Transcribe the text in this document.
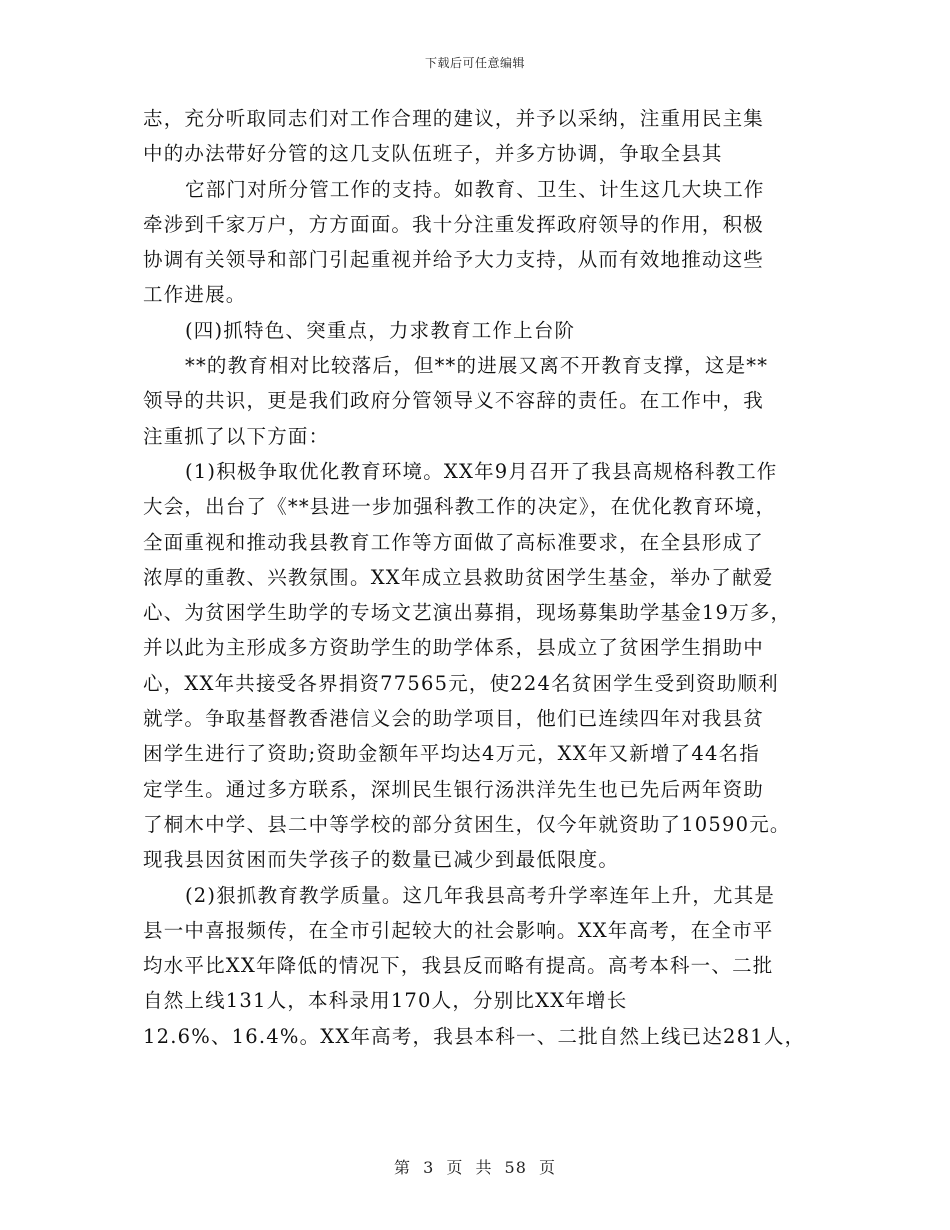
下载后可任意编辑
志，充分听取同志们对工作合理的建议，并予以采纳，注重用民主集
中的办法带好分管的这几支队伍班子，并多方协调，争取全县其
它部门对所分管工作的支持。如教育、卫生、计生这几大块工作
牵涉到千家万户，方方面面。我十分注重发挥政府领导的作用，积极
协调有关领导和部门引起重视并给予大力支持，从而有效地推动这些
工作进展。
(四)抓特色、突重点，力求教育工作上台阶
**的教育相对比较落后，但**的进展又离不开教育支撑，这是**
领导的共识，更是我们政府分管领导义不容辞的责任。在工作中，我
注重抓了以下方面：
(1)积极争取优化教育环境。XX年9月召开了我县高规格科教工作
大会，出台了《**县进一步加强科教工作的决定》，在优化教育环境，
全面重视和推动我县教育工作等方面做了高标准要求，在全县形成了
浓厚的重教、兴教氛围。XX年成立县救助贫困学生基金，举办了献爱
心、为贫困学生助学的专场文艺演出募捐，现场募集助学基金19万多，
并以此为主形成多方资助学生的助学体系，县成立了贫困学生捐助中
心，XX年共接受各界捐资77565元，使224名贫困学生受到资助顺利
就学。争取基督教香港信义会的助学项目，他们已连续四年对我县贫
困学生进行了资助;资助金额年平均达4万元，XX年又新增了44名指
定学生。通过多方联系，深圳民生银行汤洪洋先生也已先后两年资助
了桐木中学、县二中等学校的部分贫困生，仅今年就资助了10590元。
现我县因贫困而失学孩子的数量已减少到最低限度。
(2)狠抓教育教学质量。这几年我县高考升学率连年上升，尤其是
县一中喜报频传，在全市引起较大的社会影响。XX年高考，在全市平
均水平比XX年降低的情况下，我县反而略有提高。高考本科一、二批
自然上线131人，本科录用170人，分别比XX年增长
12.6%、16.4%。XX年高考，我县本科一、二批自然上线已达281人，
第 3 页 共 58 页
